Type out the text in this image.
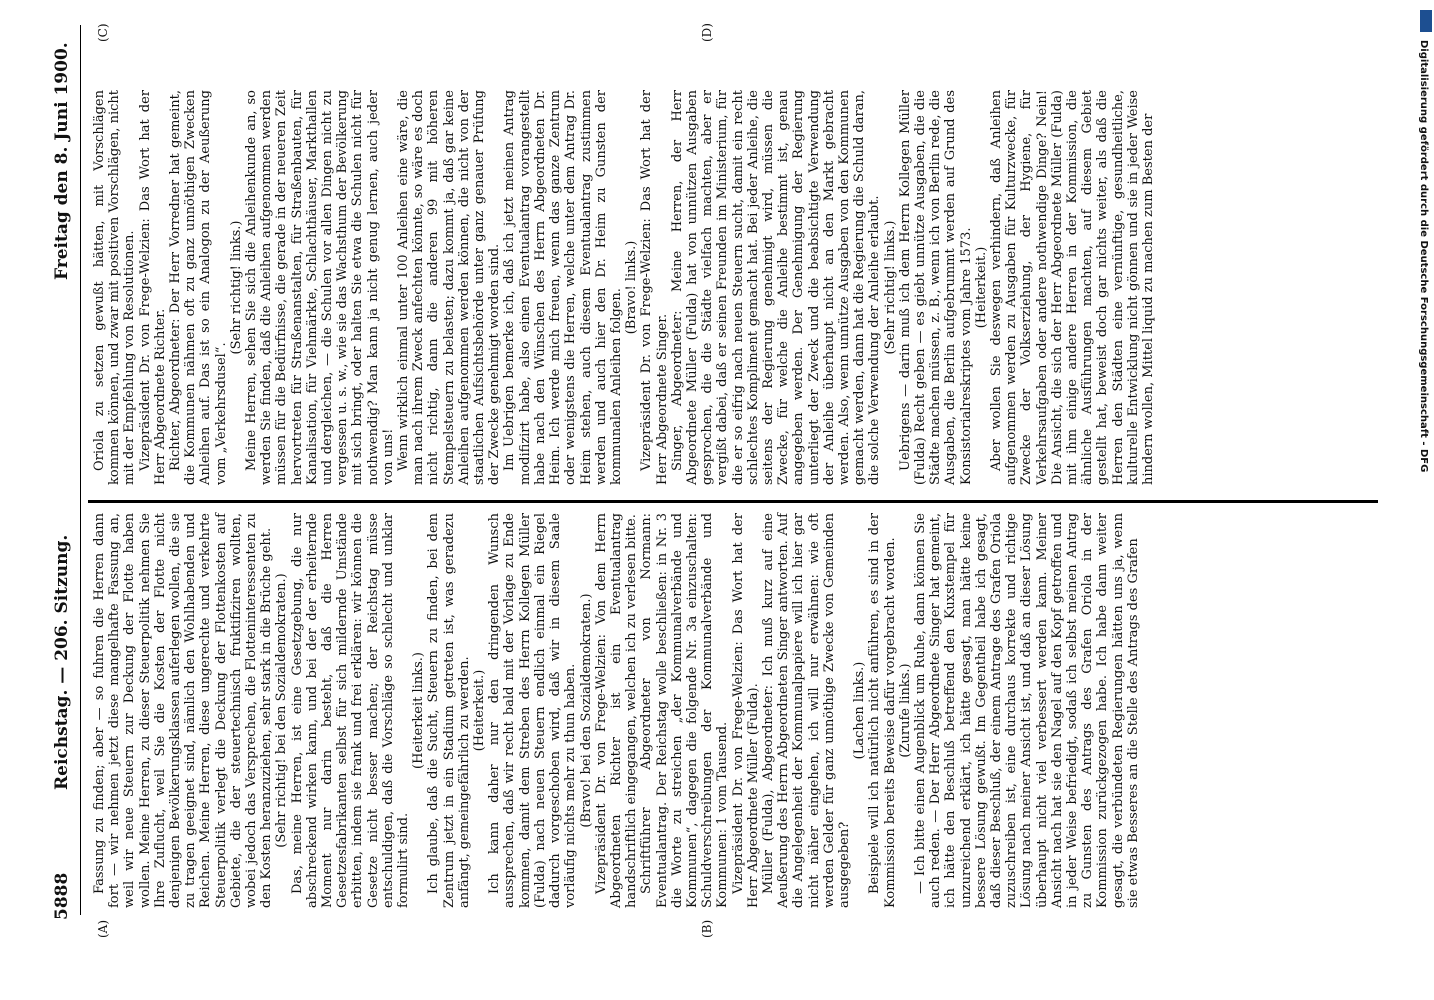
5888
Reichstag. — 206. Sitzung.
Freitag den 8. Juni 1900.
(A)	(B)
(C)	(D)

Fassung zu finden; aber — so fuhren die Herren dann fort — wir nehmen jetzt diese mangelhafte Fassung an, weil wir neue Steuern zur Deckung der Flotte haben wollen. Meine Herren, zu dieser Steuerpolitik nehmen Sie Ihre Zuflucht, weil Sie die Kosten der Flotte nicht denjenigen Bevölkerungsklassen auferlegen wollen, die sie zu tragen geeignet sind, nämlich den Wohlhabenden und Reichen. Meine Herren, diese ungerechte und verkehrte Steuerpolitik verlegt die Deckung der Flottenkosten auf Gebiete, die der steuertechnisch fruktifiziren wollten, wobei jedoch das Versprechen, die Flotteninteressenten zu den Kosten heranzuziehen, sehr stark in die Brüche geht. (Sehr richtig! bei den Sozialdemokraten.) Das, meine Herren, ist eine Gesetzgebung, die nur abschreckend wirken kann, und bei der der erheiternde Moment nur darin besteht, daß die Herren Gesetzesfabrikanten selbst für sich mildernde Umstände erbitten, indem sie frank und frei erklären: wir können die Gesetze nicht besser machen; der Reichstag müsse entschuldigen, daß die Vorschläge so schlecht und unklar formulirt sind.

(Heiterkeit links.) Ich glaube, daß die Sucht, Steuern zu finden, bei dem Zentrum jetzt in ein Stadium getreten ist, was geradezu anfängt, gemeingefährlich zu werden. (Heiterkeit.) Ich kann daher nur den dringenden Wunsch aussprechen, daß wir recht bald mit der Vorlage zu Ende kommen, damit dem Streben des Herrn Kollegen Müller (Fulda) nach neuen Steuern endlich einmal ein Riegel dadurch vorgeschoben wird, daß wir in diesem Saale vorläufig nichts mehr zu thun haben. (Bravo! bei den Sozialdemokraten.) Vizepräsident Dr. von Frege-Welzien: Von dem Herrn Abgeordneten Richter ist ein Eventualantrag handschriftlich eingegangen, welchen ich zu verlesen bitte. Schriftführer Abgeordneter von Normann: Eventualantrag. Der Reichstag wolle beschließen: in Nr. 3 die Worte zu streichen „der Kommunalverbände und Kommunen“, dagegen die folgende Nr. 3a einzuschalten: Schuldverschreibungen der Kommunalverbände und Kommunen: 1 vom Tausend. Vizepräsident Dr. von Frege-Welzien: Das Wort hat der Herr Abgeordnete Müller (Fulda). Müller (Fulda), Abgeordneter: Ich muß kurz auf eine Aeußerung des Herrn Abgeordneten Singer antworten. Auf die Angelegenheit der Kommunalpapiere will ich hier gar nicht näher eingehen, ich will nur erwähnen: wie oft werden Gelder für ganz unnöthige Zwecke von Gemeinden ausgegeben?

(Lachen links.) Beispiele will ich natürlich nicht anführen, es sind in der Kommission bereits Beweise dafür vorgebracht worden. (Zurufe links.) — Ich bitte einen Augenblick um Ruhe, dann können Sie auch reden. — Der Herr Abgeordnete Singer hat gemeint, ich hätte den Beschluß betreffend den Kuxstempel für unzureichend erklärt, ich hätte gesagt, man hätte keine bessere Lösung gewußt. Im Gegentheil habe ich gesagt, daß dieser Beschluß, der einem Antrage des Grafen Oriola zuzuschreiben ist, eine durchaus korrekte und richtige Lösung nach meiner Ansicht ist, und daß an dieser Lösung überhaupt nicht viel verbessert werden kann. Meiner Ansicht nach hat sie den Nagel auf den Kopf getroffen und in jeder Weise befriedigt, sodaß ich selbst meinen Antrag zu Gunsten des Antrags des Grafen Oriola in der Kommission zurückgezogen habe. Ich habe dann weiter gesagt, die verbündeten Regierungen hätten uns ja, wenn sie etwas Besseres an die Stelle des Antrags des Grafen

Oriola zu setzen gewußt hätten, mit Vorschlägen kommen können, und zwar mit positiven Vorschlägen, nicht mit der Empfehlung von Resolutionen. Vizepräsident Dr. von Frege-Welzien: Das Wort hat der Herr Abgeordnete Richter. Richter, Abgeordneter: Der Herr Vorredner hat gemeint, die Kommunen nähmen oft zu ganz unnöthigen Zwecken Anleihen auf. Das ist so ein Analogon zu der Aeußerung vom „Verkehrsdusel“.

(Sehr richtig! links.) Meine Herren, sehen Sie sich die Anleihenkunde an, so werden Sie finden, daß die Anleihen aufgenommen werden müssen für die Bedürfnisse, die gerade in der neueren Zeit hervortreten für Straßenanstalten, für Straßenbauten, für Kanalisation, für Viehmärkte, Schlachthäuser, Markthallen und dergleichen, — die Schulen vor allen Dingen nicht zu vergessen u. s. w., wie sie das Wachsthum der Bevölkerung mit sich bringt, oder halten Sie etwa die Schulen nicht für nothwendig? Man kann ja nicht genug lernen, auch jeder von uns! Wenn wirklich einmal unter 100 Anleihen eine wäre, die man nach ihrem Zweck anfechten könnte, so wäre es doch nicht richtig, dann die anderen 99 mit höheren Stempelsteuern zu belasten; dazu kommt ja, daß gar keine Anleihen aufgenommen werden können, die nicht von der staatlichen Aufsichtsbehörde unter ganz genauer Prüfung der Zwecke genehmigt worden sind. Im Uebrigen bemerke ich, daß ich jetzt meinen Antrag modifizirt habe, also einen Eventualantrag vorangestellt habe nach den Wünschen des Herrn Abgeordneten Dr. Heim. Ich werde mich freuen, wenn das ganze Zentrum oder wenigstens die Herren, welche unter dem Antrag Dr. Heim stehen, auch diesem Eventualantrag zustimmen werden und auch hier den Dr. Heim zu Gunsten der kommunalen Anleihen folgen.

(Bravo! links.) Vizepräsident Dr. von Frege-Welzien: Das Wort hat der Herr Abgeordnete Singer. Singer, Abgeordneter: Meine Herren, der Herr Abgeordnete Müller (Fulda) hat von unnützen Ausgaben gesprochen, die die Städte vielfach machten, aber er vergißt dabei, daß er seinen Freunden im Ministerium, für die er so eifrig nach neuen Steuern sucht, damit ein recht schlechtes Kompliment gemacht hat. Bei jeder Anleihe, die seitens der Regierung genehmigt wird, müssen die Zwecke, für welche die Anleihe bestimmt ist, genau angegeben werden. Der Genehmigung der Regierung unterliegt der Zweck und die beabsichtigte Verwendung der Anleihe überhaupt nicht an den Markt gebracht werden. Also, wenn unnütze Ausgaben von den Kommunen gemacht werden, dann hat die Regierung die Schuld daran, die solche Verwendung der Anleihe erlaubt. (Sehr richtig! links.) Uebrigens — darin muß ich dem Herrn Kollegen Müller (Fulda) Recht geben — es giebt unnütze Ausgaben, die die Städte machen müssen, z. B., wenn ich von Berlin rede, die Ausgaben, die Berlin aufgebrummt werden auf Grund des Konsistorialreskriptes vom Jahre 1573. (Heiterkeit.) Aber wollen Sie deswegen verhindern, daß Anleihen aufgenommen werden zu Ausgaben für Kulturzwecke, für Zwecke der Volkserziehung, der Hygiene, für Verkehrsaufgaben oder andere nothwendige Dinge? Nein! Die Ansicht, die sich der Herr Abgeordnete Müller (Fulda) mit ihm einige andere Herren in der Kommission, die ähnliche Ausführungen machten, auf diesem Gebiet gestellt hat, beweist doch gar nichts weiter, als daß die Herren den Städten eine vernünftige, gesundheitliche, kulturelle Entwicklung nicht gönnen und sie in jeder Weise hindern wollen, Mittel liquid zu machen zum Besten der	Digitalisierung gefördert durch die Deutsche Forschungsgemeinschaft - DFG
